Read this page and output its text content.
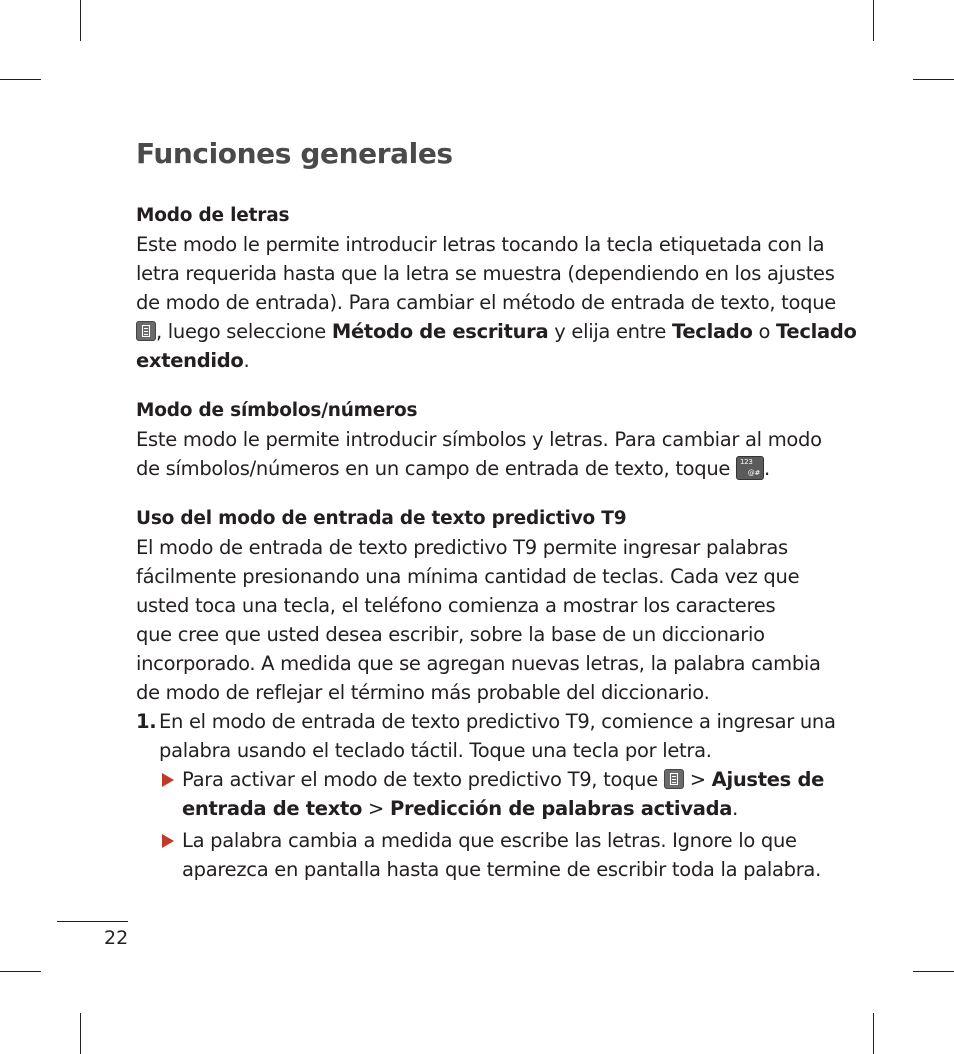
Funciones generales
Modo de letras
Este modo le permite introducir letras tocando la tecla etiquetada con la
letra requerida hasta que la letra se muestra (dependiendo en los ajustes
de modo de entrada). Para cambiar el método de entrada de texto, toque
, luego seleccione Método de escritura y elija entre Teclado o Teclado
extendido.
Modo de símbolos/números
Este modo le permite introducir símbolos y letras. Para cambiar al modo
de símbolos/números en un campo de entrada de texto, toque 123
@# .
Uso del modo de entrada de texto predictivo T9
El modo de entrada de texto predictivo T9 permite ingresar palabras
fácilmente presionando una mínima cantidad de teclas. Cada vez que
usted toca una tecla, el teléfono comienza a mostrar los caracteres
que cree que usted desea escribir, sobre la base de un diccionario
incorporado. A medida que se agregan nuevas letras, la palabra cambia
de modo de reflejar el término más probable del diccionario.
1. En el modo de entrada de texto predictivo T9, comience a ingresar una
palabra usando el teclado táctil. Toque una tecla por letra.
Para activar el modo de texto predictivo T9, toque
> Ajustes de
entrada de texto > Predicción de palabras activada.
La palabra cambia a medida que escribe las letras. Ignore lo que
aparezca en pantalla hasta que termine de escribir toda la palabra.
22
